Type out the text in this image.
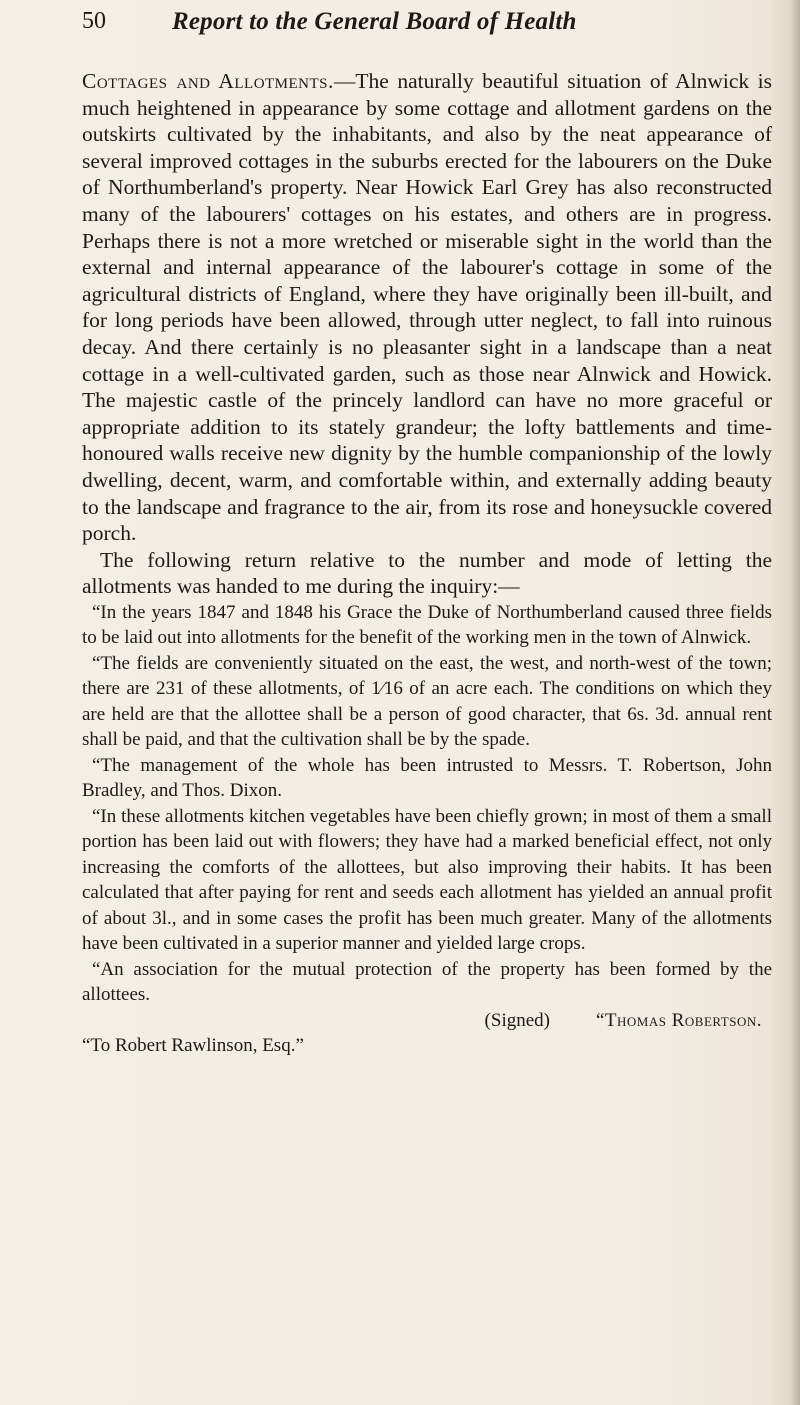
50	Report to the General Board of Health

Cottages and Allotments.—The naturally beautiful situation of Alnwick is much heightened in appearance by some cottage and allotment gardens on the outskirts cultivated by the inhabitants, and also by the neat appearance of several improved cottages in the suburbs erected for the labourers on the Duke of Northumberland's property. Near Howick Earl Grey has also reconstructed many of the labourers' cottages on his estates, and others are in progress. Perhaps there is not a more wretched or miserable sight in the world than the external and internal appearance of the labourer's cottage in some of the agricultural districts of England, where they have originally been ill-built, and for long periods have been allowed, through utter neglect, to fall into ruinous decay. And there certainly is no pleasanter sight in a landscape than a neat cottage in a well-cultivated garden, such as those near Alnwick and Howick. The majestic castle of the princely landlord can have no more graceful or appropriate addition to its stately grandeur; the lofty battlements and time-honoured walls receive new dignity by the humble companionship of the lowly dwelling, decent, warm, and comfortable within, and externally adding beauty to the landscape and fragrance to the air, from its rose and honeysuckle covered porch.

The following return relative to the number and mode of letting the allotments was handed to me during the inquiry:—

“In the years 1847 and 1848 his Grace the Duke of Northumberland caused three fields to be laid out into allotments for the benefit of the working men in the town of Alnwick.

“The fields are conveniently situated on the east, the west, and north-west of the town; there are 231 of these allotments, of 1⁄16 of an acre each. The conditions on which they are held are that the allottee shall be a person of good character, that 6s. 3d. annual rent shall be paid, and that the cultivation shall be by the spade.

“The management of the whole has been intrusted to Messrs. T. Robertson, John Bradley, and Thos. Dixon.

“In these allotments kitchen vegetables have been chiefly grown; in most of them a small portion has been laid out with flowers; they have had a marked beneficial effect, not only increasing the comforts of the allottees, but also improving their habits. It has been calculated that after paying for rent and seeds each allotment has yielded an annual profit of about 3l., and in some cases the profit has been much greater. Many of the allotments have been cultivated in a superior manner and yielded large crops.

“An association for the mutual protection of the property has been formed by the allottees.

(Signed) “Thomas Robertson.

“To Robert Rawlinson, Esq.”
